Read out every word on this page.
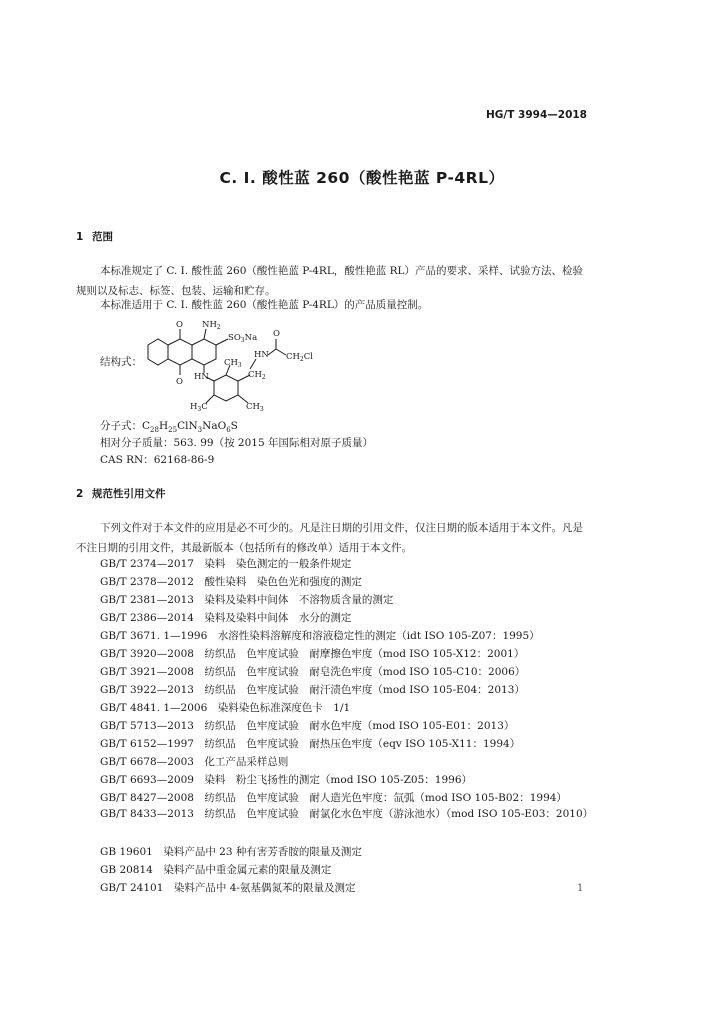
HG/T 3994—2018
C. I. 酸性蓝 260（酸性艳蓝 P-4RL）
1 范围
本标准规定了 C. I. 酸性蓝 260（酸性艳蓝 P-4RL，酸性艳蓝 RL）产品的要求、采样、试验方法、检验规则以及标志、标签、包装、运输和贮存。
本标准适用于 C. I. 酸性蓝 260（酸性艳蓝 P-4RL）的产品质量控制。
结构式：
O $NH_2$
$SO_3Na$
O HN
$CH_3$
HN
O
$CH_2Cl$
$CH_2$
$H_3C$	$CH_3$
分子式：$C_{28}H_{25}ClN_3NaO_6S$
相对分子质量：563. 99（按 2015 年国际相对原子质量）
CAS RN：62168-86-9
2 规范性引用文件
下列文件对于本文件的应用是必不可少的。凡是注日期的引用文件，仅注日期的版本适用于本文件。凡是不注日期的引用文件，其最新版本（包括所有的修改单）适用于本文件。
GB/T 2374—2017　染料　染色测定的一般条件规定
GB/T 2378—2012　酸性染料　染色色光和强度的测定
GB/T 2381—2013　染料及染料中间体　不溶物质含量的测定
GB/T 2386—2014　染料及染料中间体　水分的测定
GB/T 3671. 1—1996　水溶性染料溶解度和溶液稳定性的测定（idt ISO 105-Z07：1995）
GB/T 3920—2008　纺织品　色牢度试验　耐摩擦色牢度（mod ISO 105-X12：2001）
GB/T 3921—2008　纺织品　色牢度试验　耐皂洗色牢度（mod ISO 105-C10：2006）
GB/T 3922—2013　纺织品　色牢度试验　耐汗渍色牢度（mod ISO 105-E04：2013）
GB/T 4841. 1—2006　染料染色标准深度色卡　1/1
GB/T 5713—2013　纺织品　色牢度试验　耐水色牢度（mod ISO 105-E01：2013）
GB/T 6152—1997　纺织品　色牢度试验　耐热压色牢度（eqv ISO 105-X11：1994）
GB/T 6678—2003　化工产品采样总则
GB/T 6693—2009　染料　粉尘飞扬性的测定（mod ISO 105-Z05：1996）
GB/T 8427—2008　纺织品　色牢度试验　耐人造光色牢度：氙弧（mod ISO 105-B02：1994）
GB/T 8433—2013　纺织品　色牢度试验　耐氯化水色牢度（游泳池水）（mod ISO 105-E03：2010）
GB 19601　染料产品中 23 种有害芳香胺的限量及测定
GB 20814　染料产品中重金属元素的限量及测定
GB/T 24101　染料产品中 4-氨基偶氮苯的限量及测定	1
